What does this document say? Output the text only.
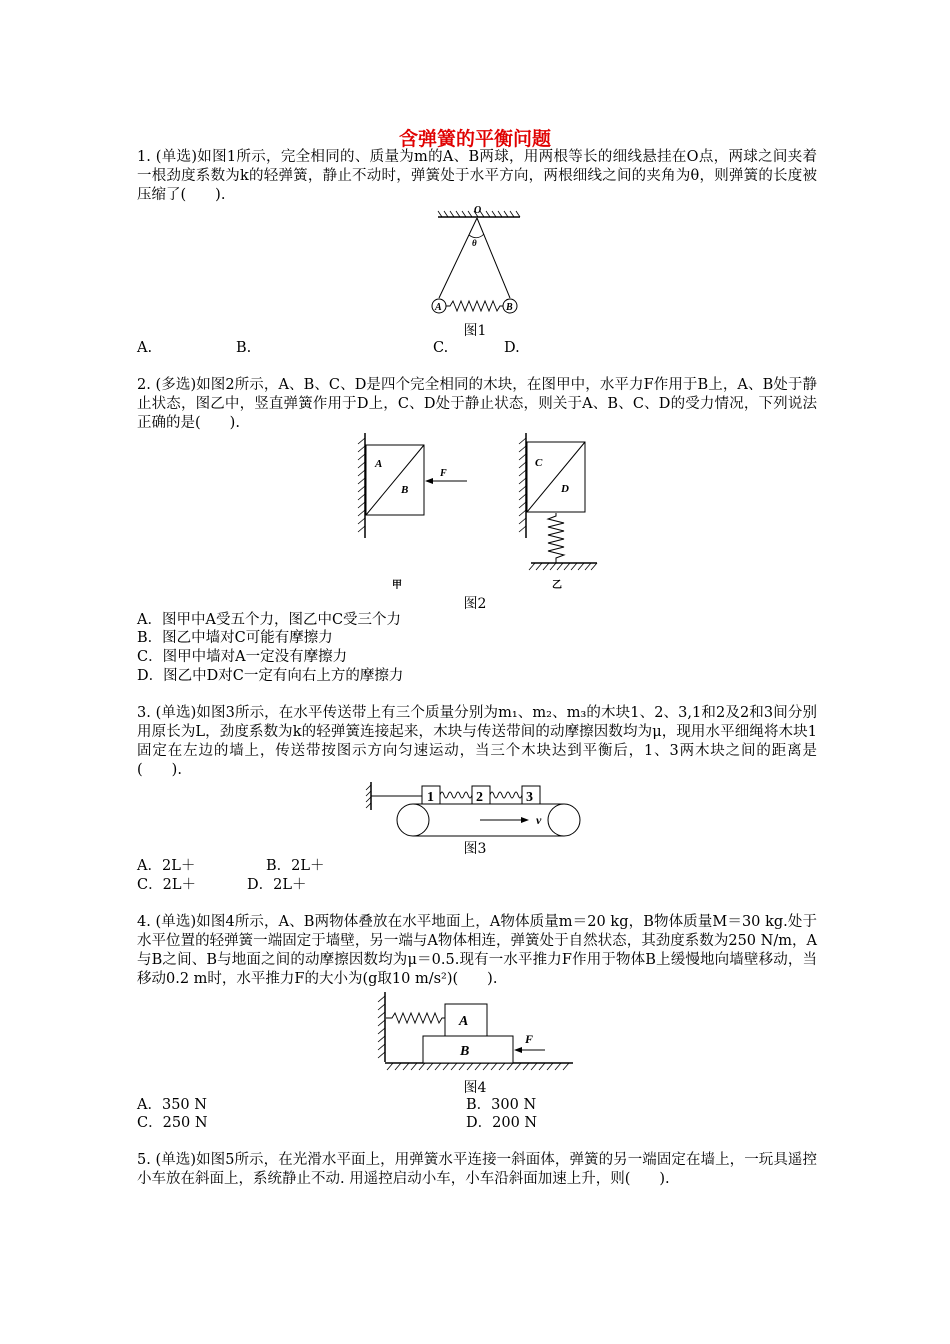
含弹簧的平衡问题
1. (单选)如图1所示，完全相同的、质量为m的A、B两球，用两根等长的细线悬挂在O点，两球之间夹着一根劲度系数为k的轻弹簧，静止不动时，弹簧处于水平方向，两根细线之间的夹角为θ，则弹簧的长度被压缩了(　　).
O
θ
A	B
图1
A.	B.	C.	D.
2. (多选)如图2所示，A、B、C、D是四个完全相同的木块，在图甲中，水平力F作用于B上，A、B处于静止状态，图乙中，竖直弹簧作用于D上，C、D处于静止状态，则关于A、B、C、D的受力情况，下列说法正确的是(　　).
A
B
F
甲
C
D
乙
图2
A．图甲中A受五个力，图乙中C受三个力
B．图乙中墙对C可能有摩擦力
C．图甲中墙对A一定没有摩擦力
D．图乙中D对C一定有向右上方的摩擦力
3. (单选)如图3所示，在水平传送带上有三个质量分别为m₁、m₂、m₃的木块1、2、3,1和2及2和3间分别用原长为L，劲度系数为k的轻弹簧连接起来，木块与传送带间的动摩擦因数均为μ，现用水平细绳将木块1固定在左边的墙上，传送带按图示方向匀速运动，当三个木块达到平衡后，1、3两木块之间的距离是(　　).
1	2	3
v
图3
A．2L＋	B．2L＋
C．2L＋	D．2L＋
4. (单选)如图4所示，A、B两物体叠放在水平地面上，A物体质量m＝20 kg，B物体质量M＝30 kg.处于水平位置的轻弹簧一端固定于墙壁，另一端与A物体相连，弹簧处于自然状态，其劲度系数为250 N/m，A与B之间、B与地面之间的动摩擦因数均为μ＝0.5.现有一水平推力F作用于物体B上缓慢地向墙壁移动，当移动0.2 m时，水平推力F的大小为(g取10 m/s²)(　　).
B
A
F
图4
A．350 N	B．300 N
C．250 N	D．200 N
5. (单选)如图5所示，在光滑水平面上，用弹簧水平连接一斜面体，弹簧的另一端固定在墙上，一玩具遥控小车放在斜面上，系统静止不动. 用遥控启动小车，小车沿斜面加速上升，则(　　).
